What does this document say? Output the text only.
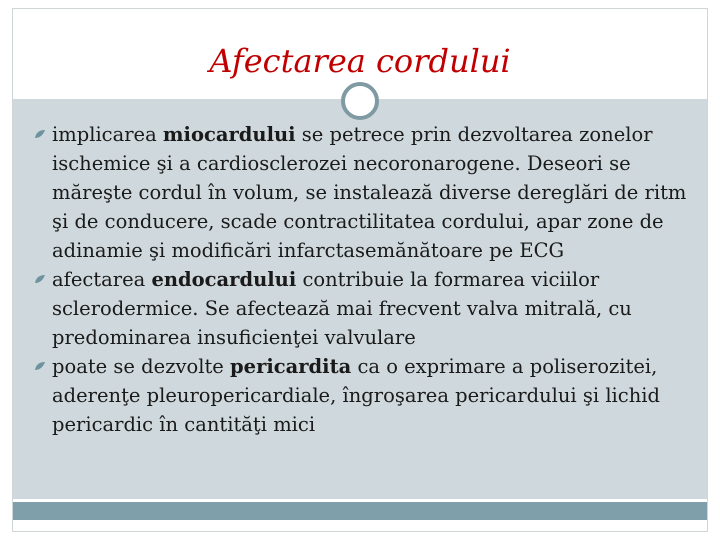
Afectarea cordului
implicarea miocardului se petrece prin dezvoltarea zonelor ischemice şi a cardiosclerozei necoronarogene. Deseori se măreşte cordul în volum, se instalează diverse dereglări de ritm şi de conducere, scade contractilitatea cordului, apar zone de adinamie şi modificări infarctasemănătoare pe ECG
afectarea endocardului contribuie la formarea viciilor sclerodermice. Se afectează mai frecvent valva mitrală, cu predominarea insuficienţei valvulare
poate se dezvolte pericardita ca o exprimare a poliserozitei, aderenţe pleuropericardiale, îngroşarea pericardului şi lichid pericardic în cantităţi mici
